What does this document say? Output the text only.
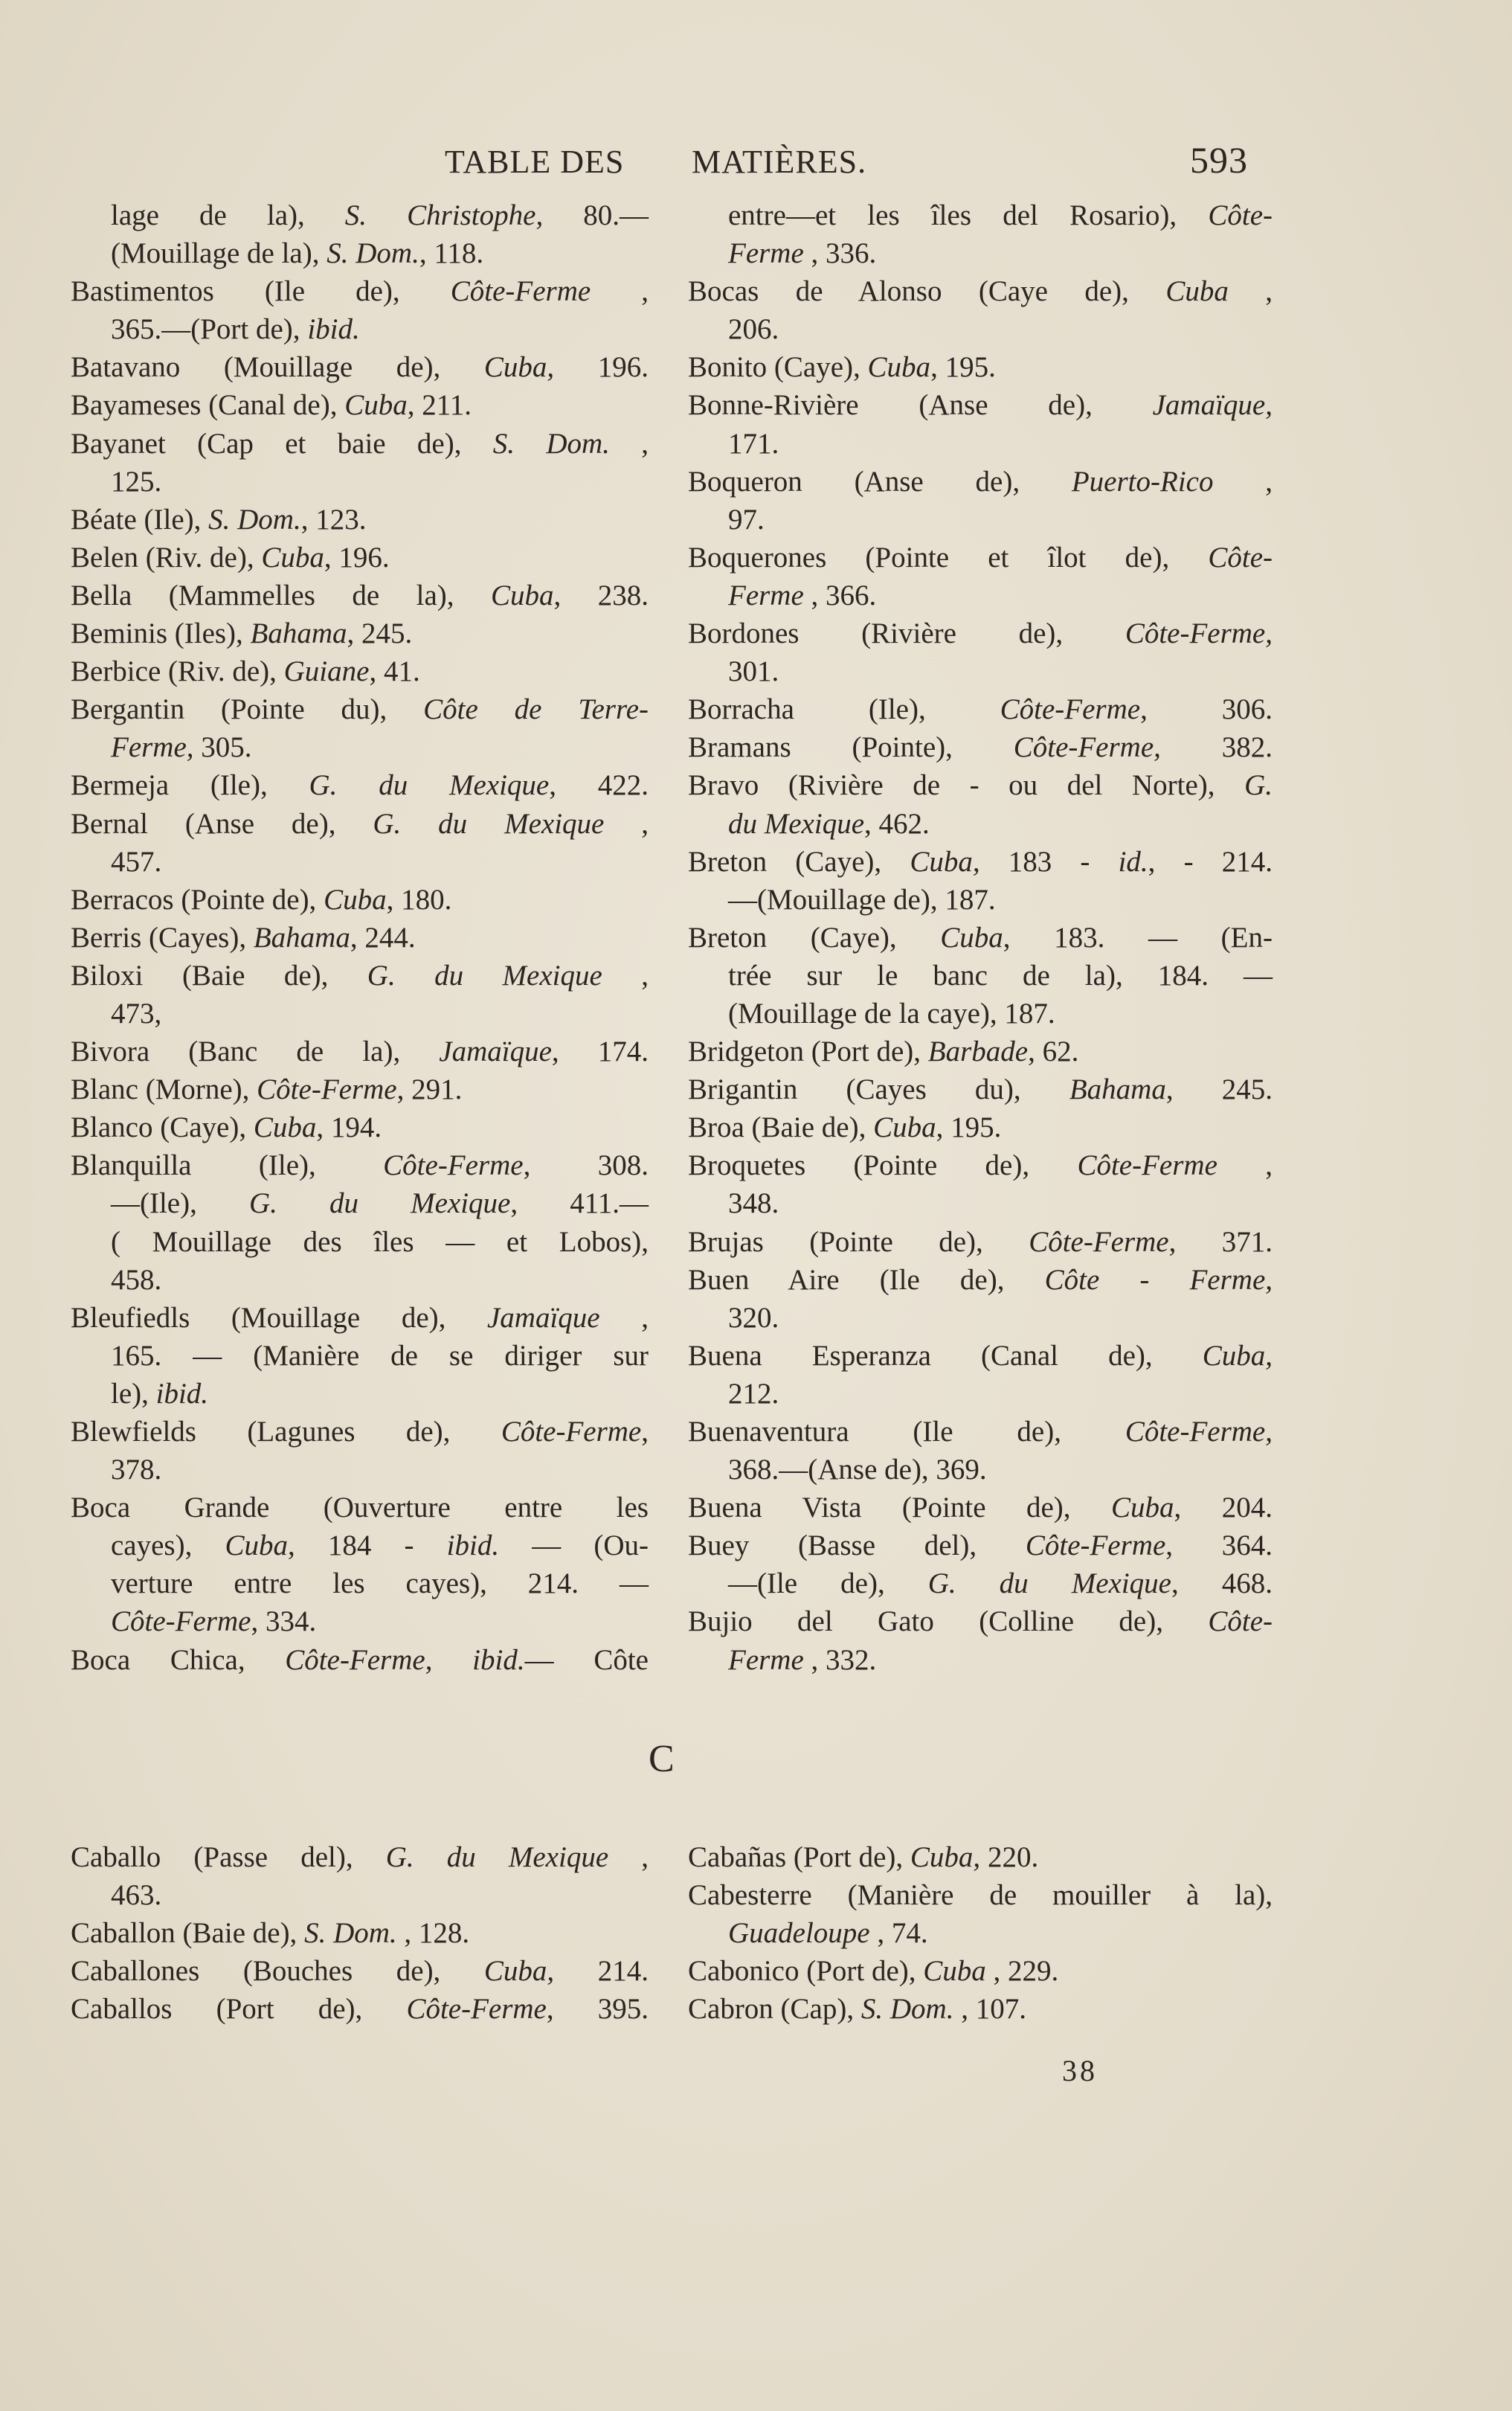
TABLE DES MATIÈRES.	593
lage de la), S. Christophe, 80.—
(Mouillage de la), S. Dom., 118.
Bastimentos (Ile de), Côte-Ferme ,
365.—(Port de), ibid.
Batavano (Mouillage de), Cuba, 196.
Bayameses (Canal de), Cuba, 211.
Bayanet (Cap et baie de), S. Dom. ,
125.
Béate (Ile), S. Dom., 123.
Belen (Riv. de), Cuba, 196.
Bella (Mammelles de la), Cuba, 238.
Beminis (Iles), Bahama, 245.
Berbice (Riv. de), Guiane, 41.
Bergantin (Pointe du), Côte de Terre-
Ferme, 305.
Bermeja (Ile), G. du Mexique, 422.
Bernal (Anse de), G. du Mexique ,
457.
Berracos (Pointe de), Cuba, 180.
Berris (Cayes), Bahama, 244.
Biloxi (Baie de), G. du Mexique ,
473,
Bivora (Banc de la), Jamaïque, 174.
Blanc (Morne), Côte-Ferme, 291.
Blanco (Caye), Cuba, 194.
Blanquilla (Ile), Côte-Ferme, 308.
—(Ile), G. du Mexique, 411.—
( Mouillage des îles — et Lobos),
458.
Bleufiedls (Mouillage de), Jamaïque ,
165. — (Manière de se diriger sur
le), ibid.
Blewfields (Lagunes de), Côte-Ferme,
378.
Boca Grande (Ouverture entre les
cayes), Cuba, 184 - ibid. — (Ou-
verture entre les cayes), 214. —
Côte-Ferme, 334.
Boca Chica, Côte-Ferme, ibid.— Côte
entre—et les îles del Rosario), Côte-
Ferme , 336.
Bocas de Alonso (Caye de), Cuba ,
206.
Bonito (Caye), Cuba, 195.
Bonne-Rivière (Anse de), Jamaïque,
171.
Boqueron (Anse de), Puerto-Rico ,
97.
Boquerones (Pointe et îlot de), Côte-
Ferme , 366.
Bordones (Rivière de), Côte-Ferme,
301.
Borracha (Ile), Côte-Ferme, 306.
Bramans (Pointe), Côte-Ferme, 382.
Bravo (Rivière de - ou del Norte), G.
du Mexique, 462.
Breton (Caye), Cuba, 183 - id., - 214.
—(Mouillage de), 187.
Breton (Caye), Cuba, 183. — (En-
trée sur le banc de la), 184. —
(Mouillage de la caye), 187.
Bridgeton (Port de), Barbade, 62.
Brigantin (Cayes du), Bahama, 245.
Broa (Baie de), Cuba, 195.
Broquetes (Pointe de), Côte-Ferme ,
348.
Brujas (Pointe de), Côte-Ferme, 371.
Buen Aire (Ile de), Côte - Ferme,
320.
Buena Esperanza (Canal de), Cuba,
212.
Buenaventura (Ile de), Côte-Ferme,
368.—(Anse de), 369.
Buena Vista (Pointe de), Cuba, 204.
Buey (Basse del), Côte-Ferme, 364.
—(Ile de), G. du Mexique, 468.
Bujio del Gato (Colline de), Côte-
Ferme , 332.
C
Caballo (Passe del), G. du Mexique ,
463.
Caballon (Baie de), S. Dom. , 128.
Caballones (Bouches de), Cuba, 214.
Caballos (Port de), Côte-Ferme, 395.
Cabañas (Port de), Cuba, 220.
Cabesterre (Manière de mouiller à la),
Guadeloupe , 74.
Cabonico (Port de), Cuba , 229.
Cabron (Cap), S. Dom. , 107.
38
